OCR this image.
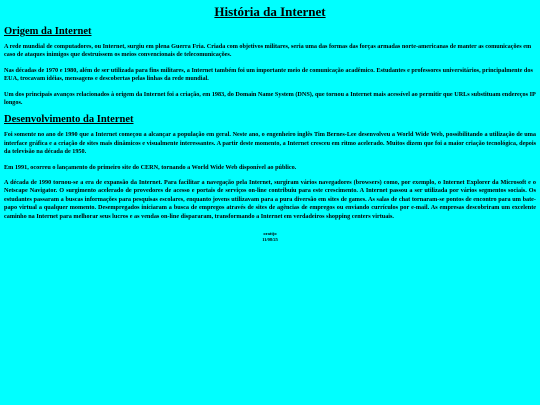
História da Internet
Origem da Internet

A rede mundial de computadores, ou Internet, surgiu em plena Guerra Fria. Criada com objetivos militares, seria uma das formas das forças armadas norte-americanas de manter as comunicações em caso de ataques inimigos que destruíssem os meios convencionais de telecomunicações.

Nas décadas de 1970 e 1980, além de ser utilizada para fins militares, a Internet também foi um importante meio de comunicação acadêmico. Estudantes e professores universitários, principalmente dos EUA, trocavam idéias, mensagens e descobertas pelas linhas da rede mundial.

Um dos principais avanços relacionados à origem da Internet foi a criação, em 1983, do Domain Name System (DNS), que tornou a Internet mais acessível ao permitir que URLs substituam endereços IP longos.

Desenvolvimento da Internet

Foi somente no ano de 1990 que a Internet começou a alcançar a população em geral. Neste ano, o engenheiro inglês Tim Bernes-Lee desenvolveu a World Wide Web, possibilitando a utilização de uma interface gráfica e a criação de sites mais dinâmicos e visualmente interessantes. A partir deste momento, a Internet cresceu em ritmo acelerado. Muitos dizem que foi a maior criação tecnológica, depois da televisão na década de 1950.

Em 1991, ocorreu o lançamento do primeiro site do CERN, tornando a World Wide Web disponível ao público.

A década de 1990 tornou-se a era de expansão da Internet. Para facilitar a navegação pela Internet, surgiram vários navegadores (browsers) como, por exemplo, o Internet Explorer da Microsoft e o Netscape Navigator. O surgimento acelerado de provedores de acesso e portais de serviços on-line contribuiu para este crescimento. A Internet passou a ser utilizada por vários segmentos sociais. Os estudantes passaram a buscas informações para pesquisas escolares, enquanto jovens utilizavam para a pura diversão em sites de games. As salas de chat tornaram-se pontos de encontro para um bate-papo virtual a qualquer momento. Desempregados iniciaram a busca de empregos através de sites de agências de empregos ou enviando currículos por e-mail. As empresas descobriram um excelente caminho na Internet para melhorar seus lucros e as vendas on-line dispararam, transformando a Internet em verdadeiros shopping centers virtuais.

orattjo
11/08/25
